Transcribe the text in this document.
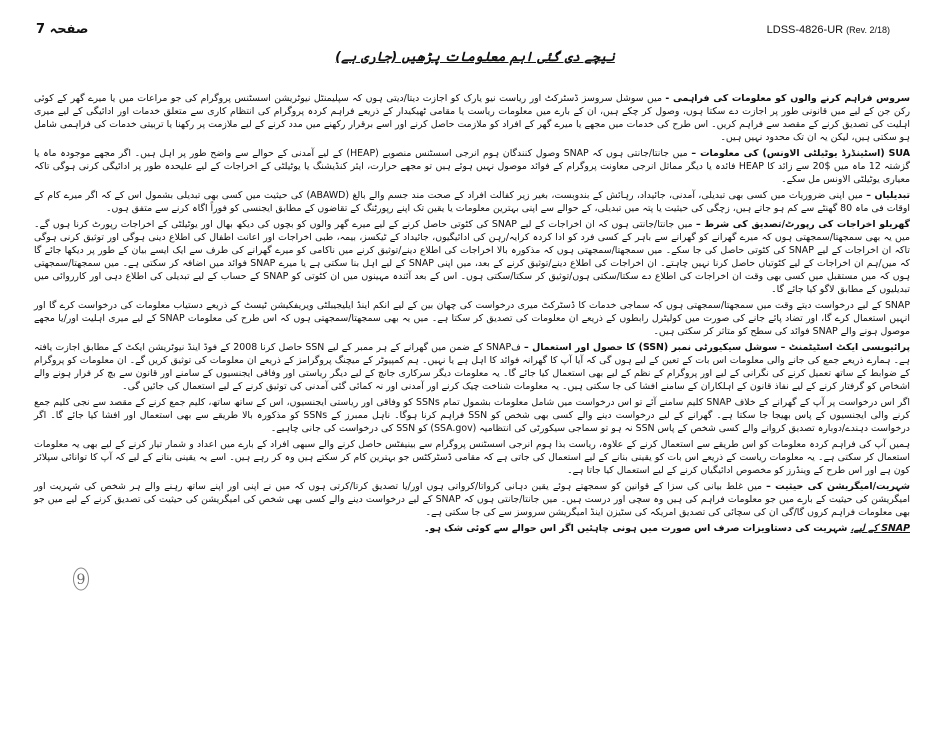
صفحہ 7	LDSS-4826-UR (Rev. 2/18)
نیچے دی گئی اہم معلومات پڑھیں (جاری ہے)

سروس فراہم کرنے والوں کو معلومات کی فراہمی - میں سوشل سروسز ڈسٹرکٹ اور ریاست نیو یارک کو اجازت دیتا/دیتی ہوں کہ سپلیمنٹل نیوٹریشن اسسٹنس پروگرام کی جو مراعات میں یا میرے گھر کے کوئی رکن جن کے لیے میں قانونی طور پر اجازت دے سکتا ہوں، وصول کر چکے ہیں، ان کے بارے میں معلومات ریاست یا مقامی ٹھیکیدار کے ذریعے فراہم کردہ پروگرام کی انتظام کاری سے متعلق خدمات اور ادائیگی کے لیے میری اہلیت کی تصدیق کرنے کے مقصد سے فراہم کریں۔ اس طرح کی خدمات میں مجھے یا میرے گھر کے افراد کو ملازمت حاصل کرنے اور اسے برقرار رکھنے میں مدد کرنے کے لیے ملازمت پر رکھنا یا تربیتی خدمات کی فراہمی شامل ہو سکتی ہیں، لیکن یہ ان تک محدود نہیں ہیں۔

SUA (اسٹینڈرڈ یوٹیلٹی الاونس) کی معلومات – میں جانتا/جانتی ہوں کہ SNAP وصول کنندگان ہوم انرجی اسسٹنس منصوبے (HEAP) کے لیے آمدنی کے حوالے سے واضح طور پر اہل ہیں۔ اگر مجھے موجودہ ماہ یا گزشتہ 12 ماہ میں $20 سے زائد کا HEAP فائدہ یا دیگر مماثل انرجی معاونت پروگرام کے فوائد موصول نہیں ہوئے ہیں تو مجھے حرارت، ایئر کنڈیشنگ یا یوٹیلٹی کے اخراجات کے لیے علیحدہ طور پر ادائیگی کرنی ہوگی تاکہ معیاری یوٹیلٹی الاونس مل سکے۔

تبدیلیاں – میں اپنی ضروریات میں کسی بھی تبدیلی، آمدنی، جائیداد، رہائش کے بندوبست، بغیر زیر کفالت افراد کے صحت مند جسم والے بالغ (ABAWD) کی حیثیت میں کسی بھی تبدیلی بشمول اس کے کہ اگر میرے کام کے اوقات فی ماہ 80 گھنٹے سے کم ہو جاتے ہیں، زچگی کی حیثیت یا پتہ میں تبدیلی، کے حوالے سے اپنی بہترین معلومات یا یقین تک اپنے رپورٹنگ کے تقاضوں کے مطابق ایجنسی کو فوراً اگاہ کرنے سے متفق ہوں۔

گھریلو اخراجات کی رپورٹ/تصدیق کی شرط – میں جانتا/جانتی ہوں کہ ان اخراجات کے لیے SNAP کی کٹوتی حاصل کرنے کے لیے میرے گھر والوں کو بچوں کی دیکھ بھال اور یوٹیلٹی کے اخراجات رپورٹ کرنا ہوں گے۔ میں یہ بھی سمجھتا/سمجھتی ہوں کہ میرے گھرانے کو گھرانے سے باہر کے کسی فرد کو ادا کردہ کرایہ/رہن کی ادائیگیوں، جائیداد کے ٹیکسز، بیمہ، طبی اخراجات اور اعانت اطفال کی اطلاع دینی ہوگی اور توثیق کرنی ہوگی تاکہ ان اخراجات کے لیے SNAP کی کٹوتی حاصل کی جا سکے۔ میں سمجھتا/سمجھتی ہوں کہ مذکورہ بالا اخراجات کی اطلاع دینے/توثیق کرنے میں ناکامی کو میرے گھرانے کی طرف سے ایک ایسے بیان کے طور پر دیکھا جائے گا کہ میں/ہم ان اخراجات کے لیے کٹوتیاں حاصل کرنا نہیں چاہتے۔ ان اخراجات کی اطلاع دینے/توثیق کرنے کے بعد، میں اپنی SNAP کے لیے اہل بنا سکتی ہے یا میرے SNAP فوائد میں اضافہ کر سکتی ہے۔ میں سمجھتا/سمجھتی ہوں کہ میں مستقبل میں کسی بھی وقت ان اخراجات کی اطلاع دے سکتا/سکتی ہوں/توثیق کر سکتا/سکتی ہوں۔ اس کے بعد آئندہ مہینوں میں ان کٹوتی کو SNAP کے حساب کے لیے تبدیلی کی اطلاع دہی اور کارروائی میں تبدیلیوں کے مطابق لاگو کیا جائے گا۔

SNAP کے لیے درخواست دیتے وقت میں سمجھتا/سمجھتی ہوں کہ سماجی خدمات کا ڈسٹرکٹ میری درخواست کی چھان بین کے لیے انکم اینڈ ایلیجیبلٹی ویریفکیشن ٹیسٹ کے ذریعے دستیاب معلومات کی درخواست کرے گا اور انہیں استعمال کرے گا، اور تضاد پائے جانے کی صورت میں کولیٹرل رابطوں کے ذریعے ان معلومات کی تصدیق کر سکتا ہے۔ میں یہ بھی سمجھتا/سمجھتی ہوں کہ اس طرح کی معلومات SNAP کے لیے میری اہلیت اور/یا مجھے موصول ہونے والے SNAP فوائد کی سطح کو متاثر کر سکتی ہیں۔

پرائیویسی ایکٹ اسٹیٹمنٹ – سوشل سیکیورٹی نمبر (SSN) کا حصول اور استعمال – فSNAP کے ضمن میں گھرانے کے ہر ممبر کے لیے SSN حاصل کرنا 2008 کے فوڈ اینڈ نیوٹریشن ایکٹ کے مطابق اجازت یافتہ ہے۔ ہمارے ذریعے جمع کی جانے والی معلومات اس بات کے تعین کے لیے ہوں گی کہ آیا آپ کا گھرانہ فوائد کا اہل ہے یا نہیں۔ ہم کمپیوٹر کے میچنگ پروگرامز کے ذریعے ان معلومات کی توثیق کریں گے۔ ان معلومات کو پروگرام کے ضوابط کے ساتھ تعمیل کرنے کی نگرانی کے لیے اور پروگرام کے نظم کے لیے بھی استعمال کیا جائے گا۔ یہ معلومات دیگر سرکاری جانچ کے لیے دیگر ریاستی اور وفاقی ایجنسیوں کے سامنے اور قانون سے بچ کر فرار ہونے والے اشخاص کو گرفتار کرنے کے لیے نفاذ قانون کے اہلکاران کے سامنے افشا کی جا سکتی ہیں۔ یہ معلومات شناخت چیک کرنے اور آمدنی اور نہ کمائی گئی آمدنی کی توثیق کرنے کے لیے استعمال کی جائیں گی۔

اگر اس درخواست پر آپ کے گھرانے کے خلاف SNAP کلیم سامنے آئے تو اس درخواست میں شامل معلومات بشمول تمام SSNs کو وفاقی اور ریاستی ایجنسیوں، اس کے ساتھ ساتھ، کلیم جمع کرنے کے مقصد سے نجی کلیم جمع کرنے والی ایجنسیوں کے پاس بھیجا جا سکتا ہے۔ گھرانے کے لیے درخواست دینے والے کسی بھی شخص کو SSN فراہم کرنا ہوگا۔ ناہل ممبرز کے SSNs کو مذکورہ بالا طریقے سے بھی استعمال اور افشا کیا جائے گا۔ اگر درخواست دہندے/دوبارہ تصدیق کروانے والے کسی شخص کے پاس SSN نہ ہو تو سماجی سیکورٹی کی انتظامیہ (SSA.gov) کو SSN کی درخواست کی جانی چاہیے۔

ہمیں آپ کی فراہم کردہ معلومات کو اس طریقے سے استعمال کرنے کے علاوہ، ریاست بذا ہوم انرجی اسسٹنس پروگرام سے بینیفٹس حاصل کرنے والے سبھی افراد کے بارے میں اعداد و شمار تیار کرنے کے لیے بھی یہ معلومات استعمال کر سکتی ہے۔ یہ معلومات ریاست کے ذریعے اس بات کو یقینی بنانے کے لیے استعمال کی جاتی ہے کہ مقامی ڈسٹرکٹس جو بہترین کام کر سکتے ہیں وہ کر رہے ہیں۔ اسے یہ یقینی بنانے کے لیے کہ آپ کا توانائی سپلائر کون ہے اور اس طرح کے وینڈرز کو مخصوص ادائیگیاں کرنے کے لیے استعمال کیا جاتا ہے۔

شہریت/امیگریشن کی حیثیت – میں غلط بیانی کی سزا کے قوانین کو سمجھتے ہوئے یقین دہانی کرواتا/کرواتی ہوں اور/یا تصدیق کرتا/کرتی ہوں کہ میں نے اپنی اور اپنے ساتھ رہنے والے ہر شخص کی شہریت اور امیگریشن کی حیثیت کے بارے میں جو معلومات فراہم کی ہیں وہ سچی اور درست ہیں۔ میں جانتا/جانتی ہوں کہ SNAP کے لیے درخواست دینے والے کسی بھی شخص کی امیگریشن کی حیثیت کی تصدیق کرنے کے لیے میں جو بھی معلومات فراہم کروں گا/گی ان کی سچائی کی تصدیق امریکہ کی سٹیزن اینڈ امیگریشن سروسز سے کی جا سکتی ہے۔

SNAP کے لیے، شہریت کی دستاویزات صرف اس صورت میں ہونی چاہئیں اگر اس حوالے سے کوئی شک ہو۔

9
